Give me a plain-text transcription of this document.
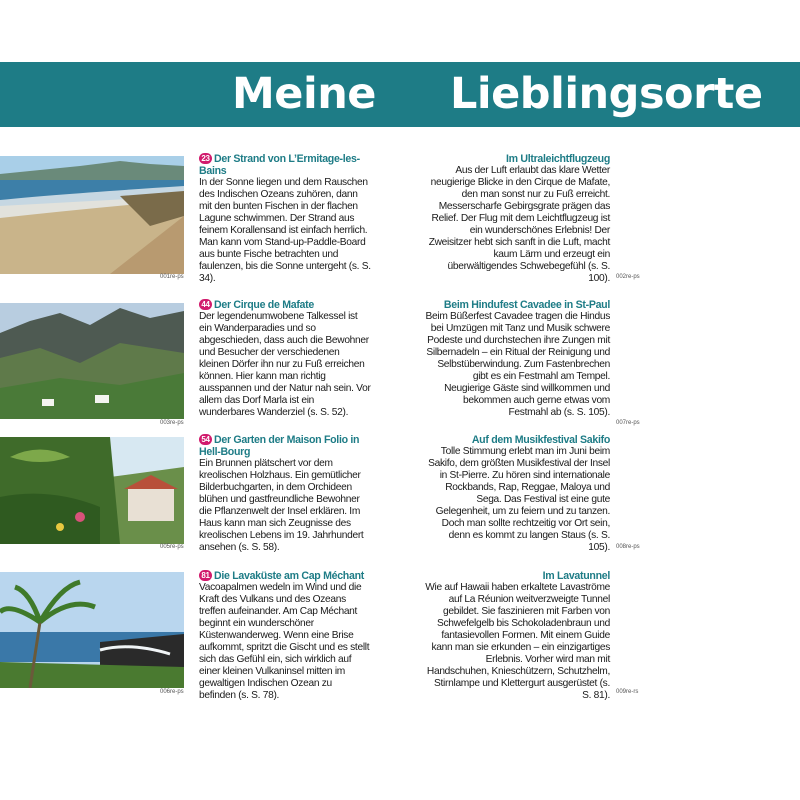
Meine Lieblingsorte
001re-ps
23 Der Strand von L’Ermitage-les-Bains

In der Sonne liegen und dem Rauschen des Indischen Ozeans zuhören, dann mit den bunten Fischen in der flachen Lagune schwimmen. Der Strand aus feinem Korallensand ist einfach herrlich. Man kann vom Stand-up-Paddle-Board aus bunte Fische betrachten und faulenzen, bis die Sonne untergeht (s. S. 34).

003re-ps
44 Der Cirque de Mafate

Der legendenumwobene Talkessel ist ein Wanderparadies und so abgeschieden, dass auch die Bewohner und Besucher der verschiedenen kleinen Dörfer ihn nur zu Fuß erreichen können. Hier kann man richtig ausspannen und der Natur nah sein. Vor allem das Dorf Marla ist ein wunderbares Wanderziel (s. S. 52).

005re-ps
54 Der Garten der Maison Folio in Hell-Bourg

Ein Brunnen plätschert vor dem kreolischen Holzhaus. Ein gemütlicher Bilderbuchgarten, in dem Orchideen blühen und gastfreundliche Bewohner die Pflanzenwelt der Insel erklären. Im Haus kann man sich Zeugnisse des kreolischen Lebens im 19. Jahrhundert ansehen (s. S. 58).

006re-ps
81 Die Lavaküste am Cap Méchant

Vacoapalmen wedeln im Wind und die Kraft des Vulkans und des Ozeans treffen aufeinander. Am Cap Méchant beginnt ein wunderschöner Küstenwanderweg. Wenn eine Brise aufkommt, spritzt die Gischt und es stellt sich das Gefühl ein, sich wirklich auf einer kleinen Vulkaninsel mitten im gewaltigen Indischen Ozean zu befinden (s. S. 78).

002re-ps
Im Ultraleichtflugzeug

Aus der Luft erlaubt das klare Wetter neugierige Blicke in den Cirque de Mafate, den man sonst nur zu Fuß erreicht. Messerscharfe Gebirgsgrate prägen das Relief. Der Flug mit dem Leichtflugzeug ist ein wunderschönes Erlebnis! Der Zweisitzer hebt sich sanft in die Luft, macht kaum Lärm und erzeugt ein überwältigendes Schwebegefühl (s. S. 100).

007re-ps
Beim Hindufest Cavadee in St-Paul

Beim Büßerfest Cavadee tragen die Hindus bei Umzügen mit Tanz und Musik schwere Podeste und durchstechen ihre Zungen mit Silbernadeln – ein Ritual der Reinigung und Selbstüberwindung. Zum Fastenbrechen gibt es ein Festmahl am Tempel. Neugierige Gäste sind willkommen und bekommen auch gerne etwas vom Festmahl ab (s. S. 105).

008re-ps
Auf dem Musikfestival Sakifo

Tolle Stimmung erlebt man im Juni beim Sakifo, dem größten Musikfestival der Insel in St-Pierre. Zu hören sind internationale Rockbands, Rap, Reggae, Maloya und Sega. Das Festival ist eine gute Gelegenheit, um zu feiern und zu tanzen. Doch man sollte rechtzeitig vor Ort sein, denn es kommt zu langen Staus (s. S. 105).

009re-rs
Im Lavatunnel

Wie auf Hawaii haben erkaltete Lavaströme auf La Réunion weitverzweigte Tunnel gebildet. Sie faszinieren mit Farben von Schwefelgelb bis Schokoladenbraun und fantasievollen Formen. Mit einem Guide kann man sie erkunden – ein einzigartiges Erlebnis. Vorher wird man mit Handschuhen, Knieschützern, Schutzhelm, Stirnlampe und Klettergurt ausgerüstet (s. S. 81).
